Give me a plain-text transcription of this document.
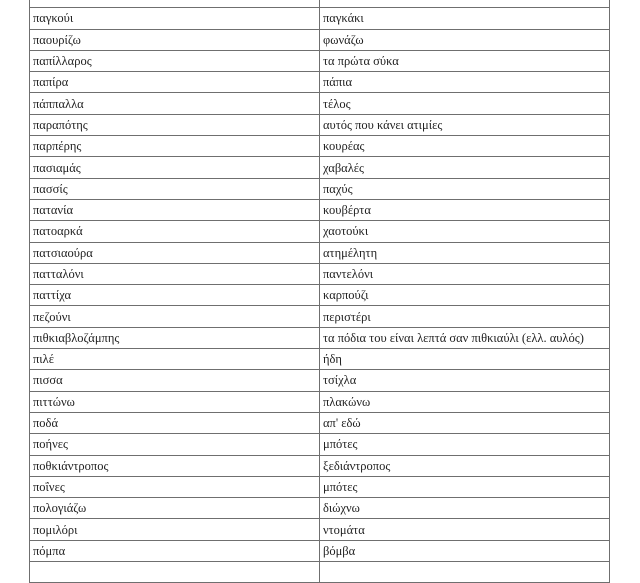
παγκούι	παγκάκι
παουρίζω	φωνάζω
παπίλλαρος	τα πρώτα σύκα
παπίρα	πάπια
πάππαλλα	τέλος
παραπότης	αυτός που κάνει ατιμίες
παρπέρης	κουρέας
πασιαμάς	χαβαλές
πασσίς	παχύς
πατανία	κουβέρτα
πατοαρκά	χαοτούκι
πατσιαούρα	ατημέλητη
πατταλόνι	παντελόνι
παττίχα	καρπούζι
πεζούνι	περιστέρι
πιθκιαβλοζάμπης	τα πόδια του είναι λεπτά σαν πιθκιαύλι (ελλ. αυλός)
πιλέ	ήδη
πισσα	τσίχλα
πιττώνω	πλακώνω
ποδά	απ' εδώ
ποήνες	μπότες
ποθκιάντροπος	ξεδιάντροπος
ποΐνες	μπότες
πολογιάζω	διώχνω
πομιλόρι	ντομάτα
πόμπα	βόμβα
